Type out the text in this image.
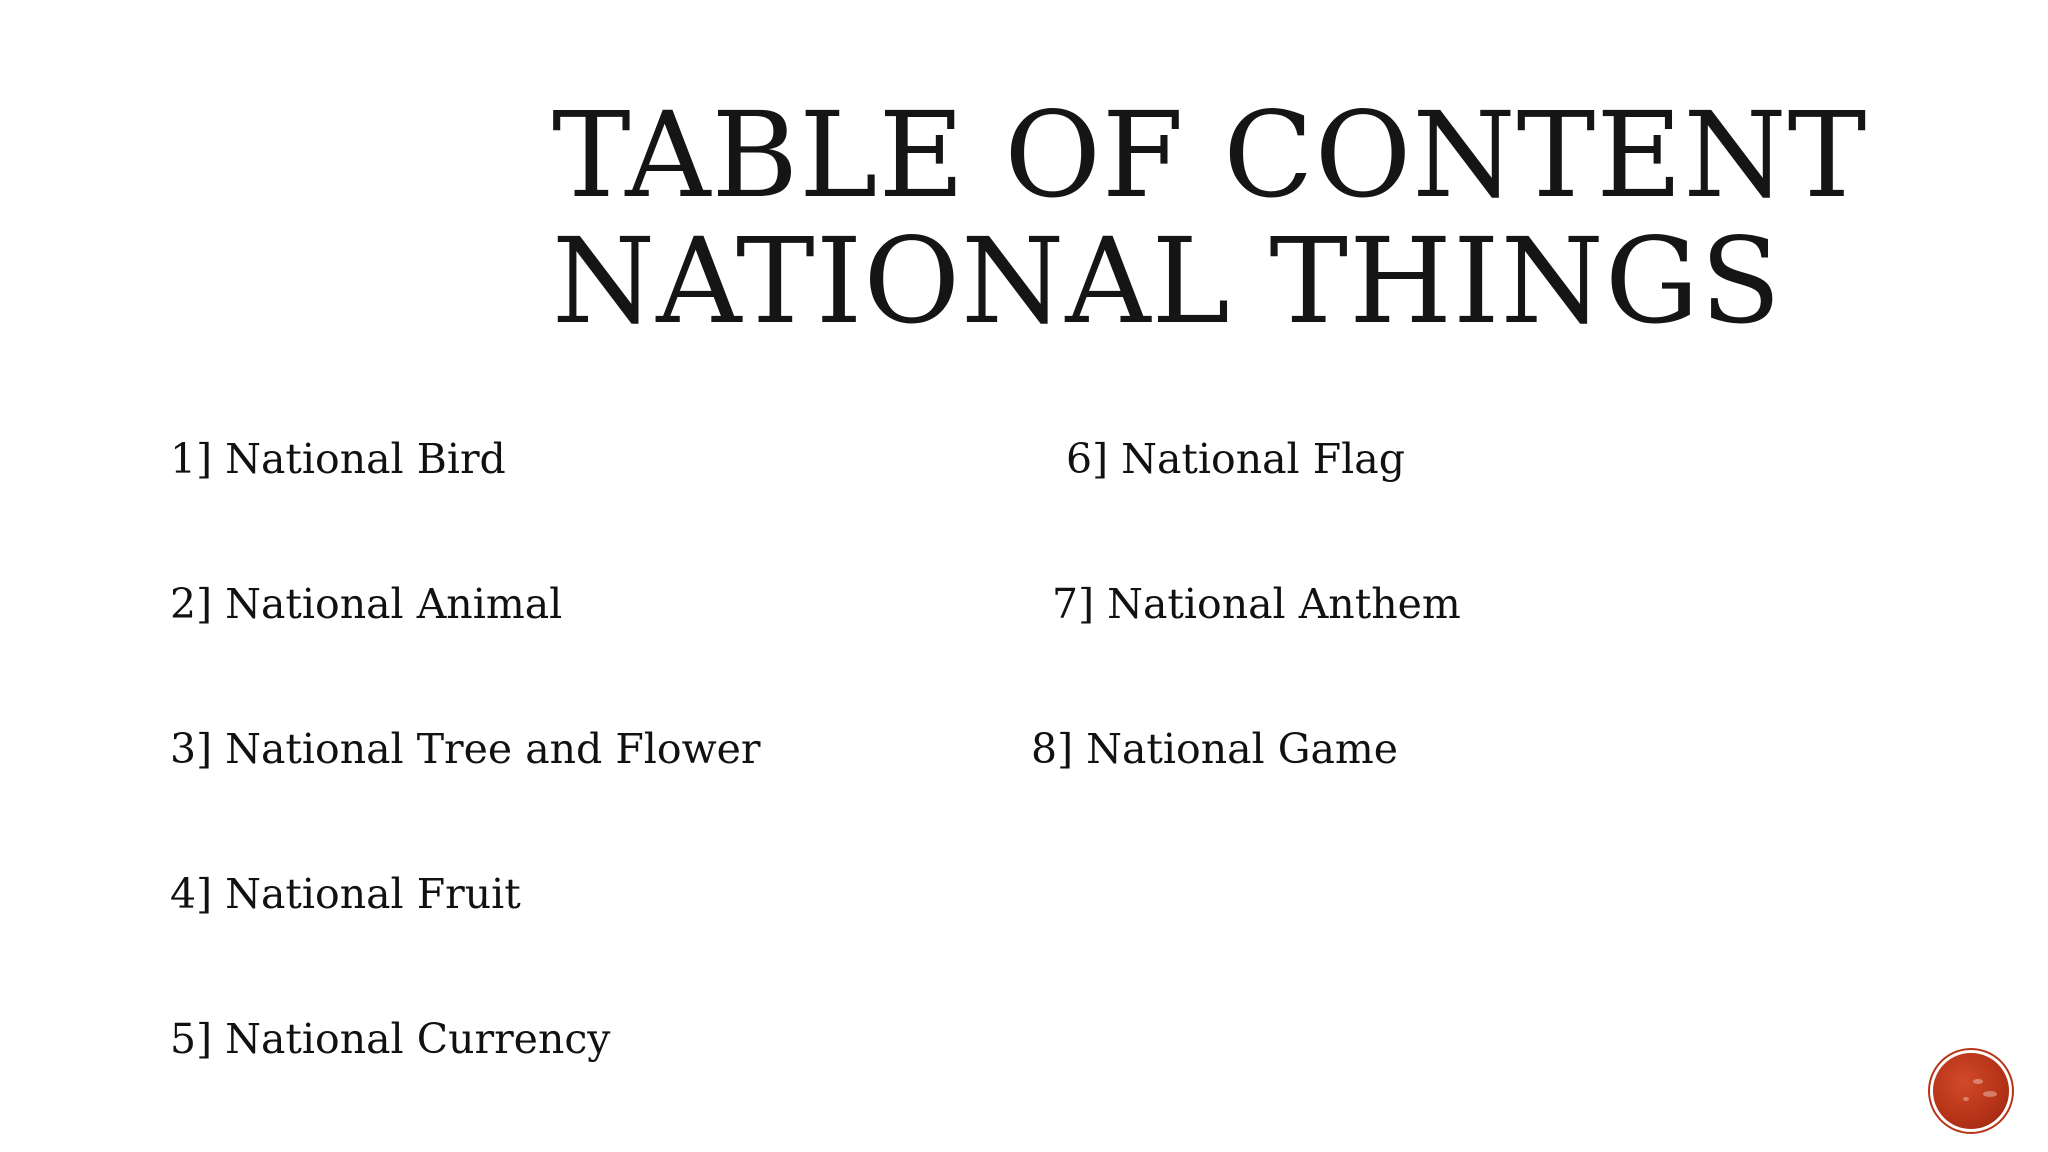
TABLE OF CONTENT
NATIONAL THINGS
1] National Bird
2] National Animal
3] National Tree and Flower
4] National Fruit
5] National Currency
6] National Flag
7] National Anthem
8] National Game
